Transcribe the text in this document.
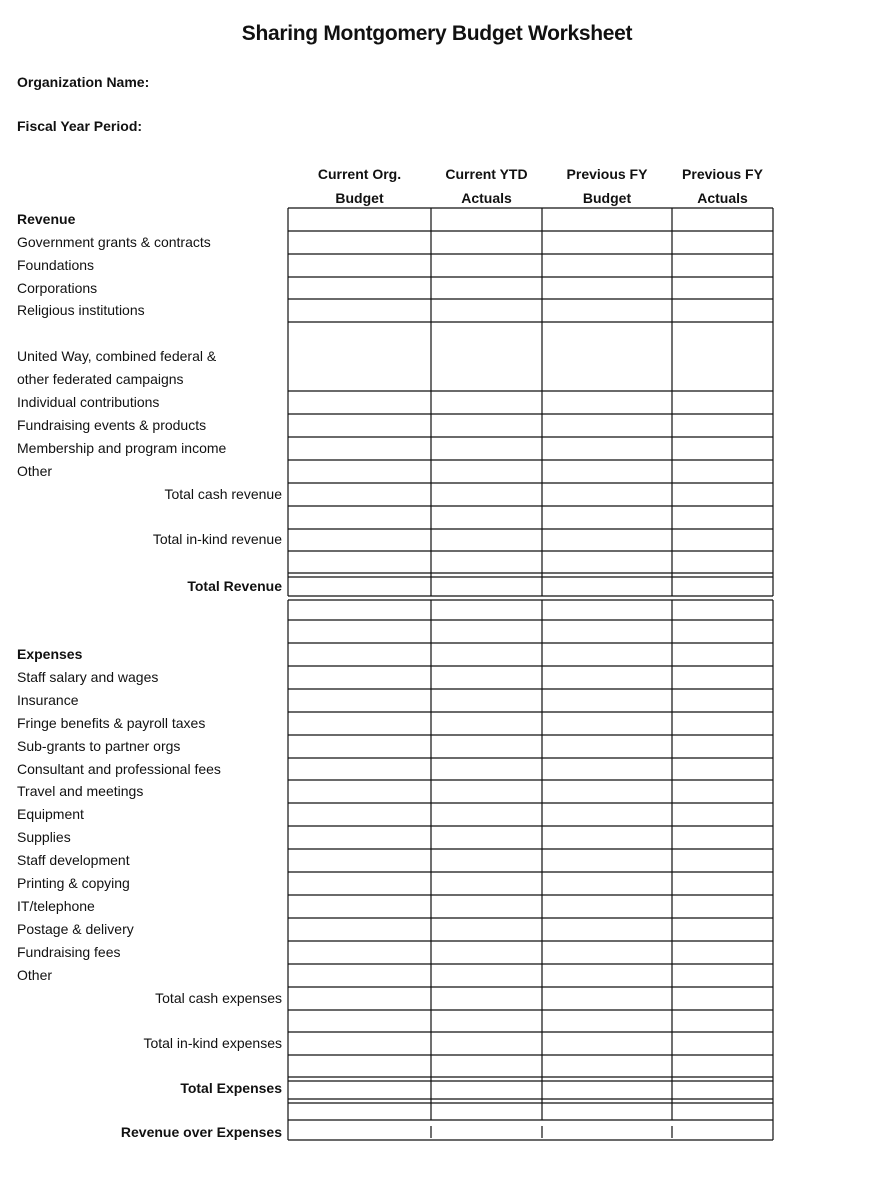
Sharing Montgomery Budget Worksheet
Organization Name:
Fiscal Year Period:
Current Org.
Budget
Current YTD
Actuals
Previous FY
Budget
Previous FY
Actuals
Revenue
Government grants & contracts
Foundations
Corporations
Religious institutions
United Way, combined federal &
other federated campaigns
Individual contributions
Fundraising events & products
Membership and program income
Other
Total cash revenue
Total in-kind revenue
Total Revenue
Expenses
Staff salary and wages
Insurance
Fringe benefits & payroll taxes
Sub-grants to partner orgs
Consultant and professional fees
Travel and meetings
Equipment
Supplies
Staff development
Printing & copying
IT/telephone
Postage & delivery
Fundraising fees
Other
Total cash expenses
Total in-kind expenses
Total Expenses
Revenue over Expenses
